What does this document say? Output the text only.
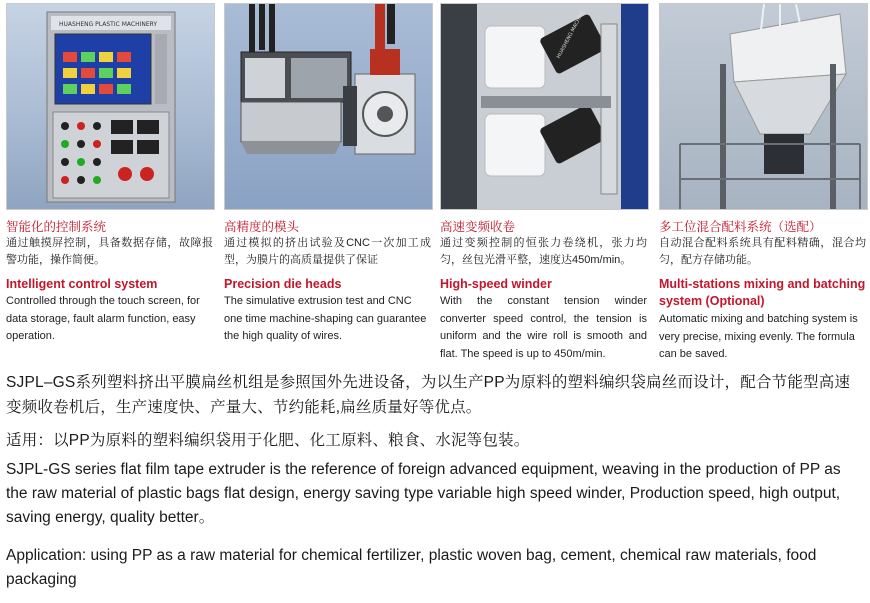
HUASHENG PLASTIC MACHINERY
智能化的控制系统
通过触摸屏控制，具备数据存储，故障报警功能，操作简便。
Intelligent control system
Controlled through the touch screen, for data storage, fault alarm function, easy operation.
高精度的模头
通过模拟的挤出试验及CNC一次加工成型，为膜片的高质量提供了保证
Precision die heads
The simulative extrusion test and CNC one time machine-shaping can guarantee the high quality of wires.
HUASHENG MACHINE
高速变频收卷
通过变频控制的恒张力卷绕机，张力均匀，丝包光滑平整，速度达450m/min。
High-speed winder
With the constant tension winder converter speed control, the tension is uniform and the wire roll is smooth and flat. The speed is up to 450m/min.
多工位混合配料系统（选配）
自动混合配料系统具有配料精确，混合均匀，配方存储功能。
Multi-stations mixing and batching system (Optional)
Automatic mixing and batching system is very precise, mixing evenly. The formula can be saved.
SJPL–GS系列塑料挤出平膜扁丝机组是参照国外先进设备，为以生产PP为原料的塑料编织袋扁丝而设计，配合节能型高速变频收卷机后，生产速度快、产量大、节约能耗,扁丝质量好等优点。
适用：以PP为原料的塑料编织袋用于化肥、化工原料、粮食、水泥等包装。
SJPL-GS series flat film tape extruder is the reference of foreign advanced equipment, weaving in the production of PP as the raw material of plastic bags flat design, energy saving type variable high speed winder, Production speed, high output, saving energy, quality better。
Application: using PP as a raw material for chemical fertilizer, plastic woven bag, cement, chemical raw materials, food packaging
